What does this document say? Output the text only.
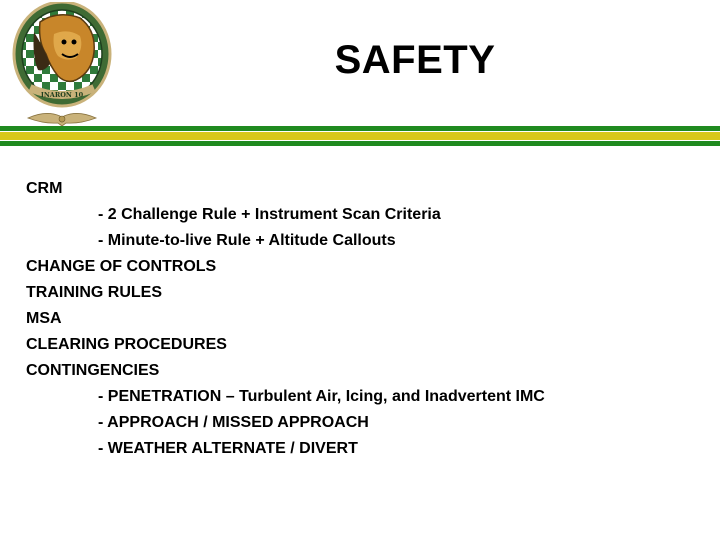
INARON 10
SAFETY
CRM
- 2 Challenge Rule + Instrument Scan Criteria
- Minute-to-live Rule + Altitude Callouts
CHANGE OF CONTROLS
TRAINING RULES
MSA
CLEARING PROCEDURES
CONTINGENCIES
- PENETRATION – Turbulent Air, Icing, and Inadvertent IMC
- APPROACH / MISSED APPROACH
- WEATHER ALTERNATE / DIVERT
